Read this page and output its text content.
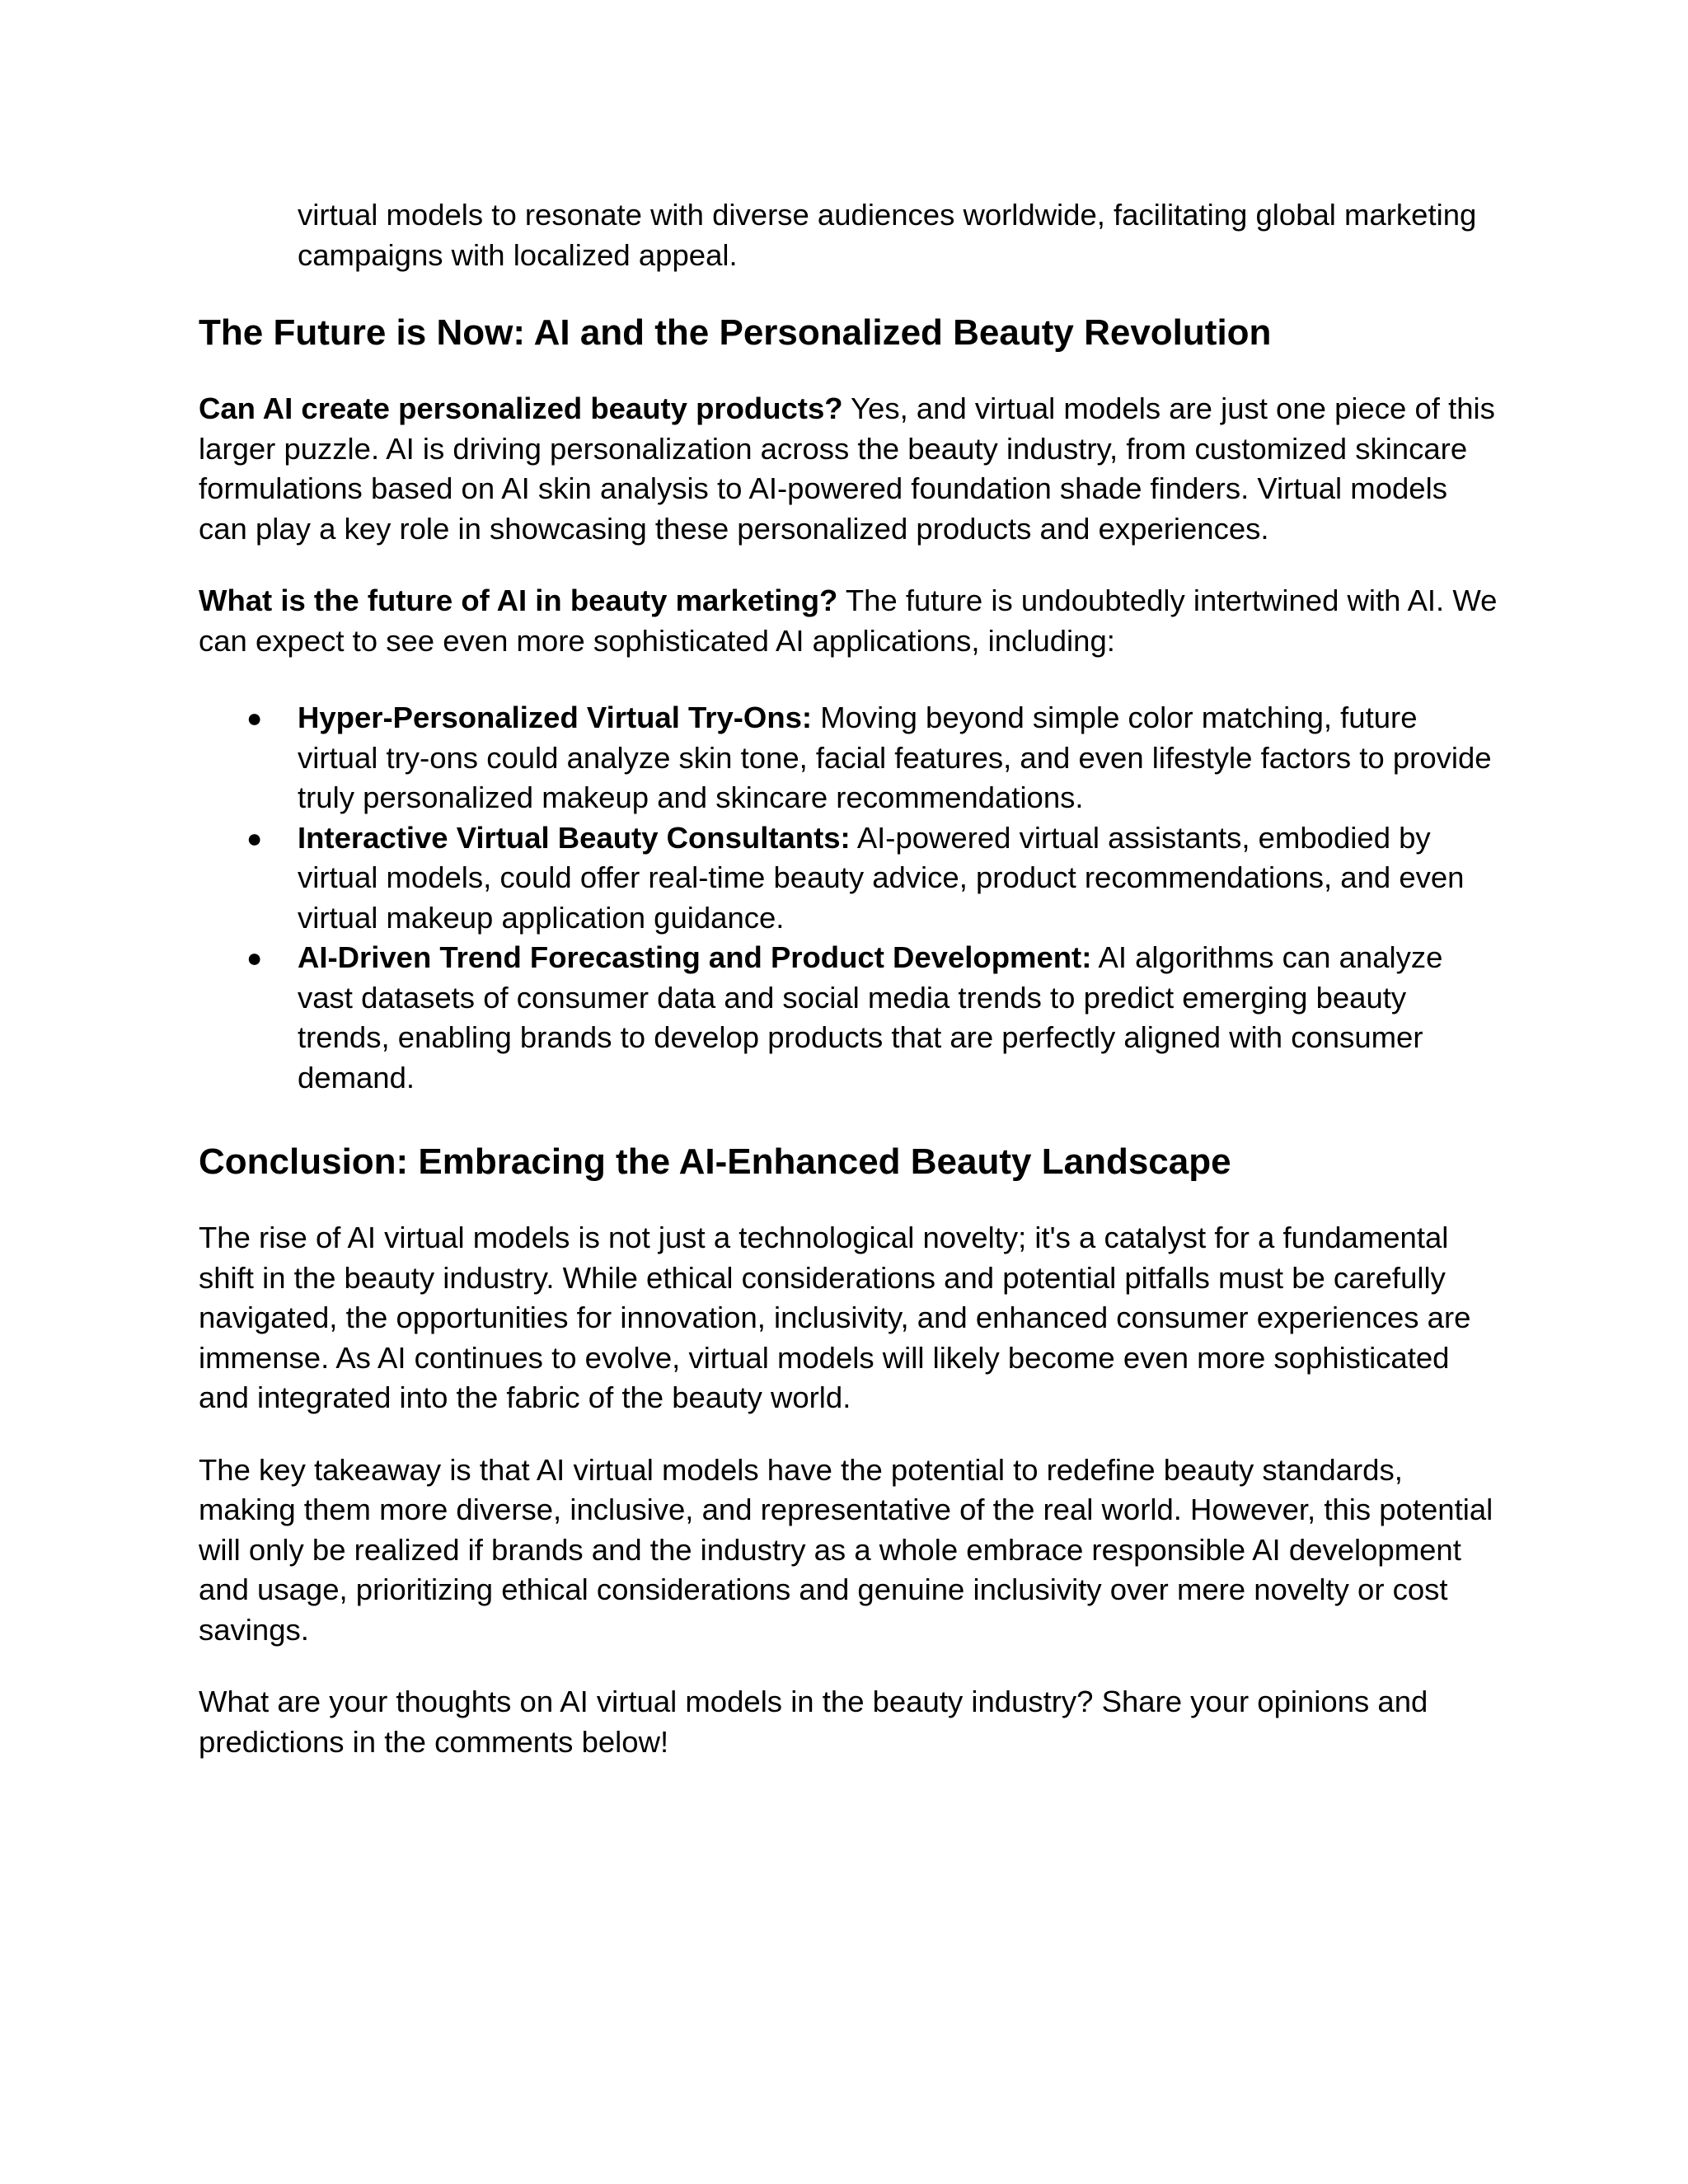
virtual models to resonate with diverse audiences worldwide, facilitating global marketing campaigns with localized appeal.

The Future is Now: AI and the Personalized Beauty Revolution

Can AI create personalized beauty products? Yes, and virtual models are just one piece of this larger puzzle. AI is driving personalization across the beauty industry, from customized skincare formulations based on AI skin analysis to AI-powered foundation shade finders. Virtual models can play a key role in showcasing these personalized products and experiences.

What is the future of AI in beauty marketing? The future is undoubtedly intertwined with AI. We can expect to see even more sophisticated AI applications, including:

● Hyper-Personalized Virtual Try-Ons: Moving beyond simple color matching, future virtual try-ons could analyze skin tone, facial features, and even lifestyle factors to provide truly personalized makeup and skincare recommendations.
● Interactive Virtual Beauty Consultants: AI-powered virtual assistants, embodied by virtual models, could offer real-time beauty advice, product recommendations, and even virtual makeup application guidance.
● AI-Driven Trend Forecasting and Product Development: AI algorithms can analyze vast datasets of consumer data and social media trends to predict emerging beauty trends, enabling brands to develop products that are perfectly aligned with consumer demand.
Conclusion: Embracing the AI-Enhanced Beauty Landscape

The rise of AI virtual models is not just a technological novelty; it's a catalyst for a fundamental shift in the beauty industry. While ethical considerations and potential pitfalls must be carefully navigated, the opportunities for innovation, inclusivity, and enhanced consumer experiences are immense. As AI continues to evolve, virtual models will likely become even more sophisticated and integrated into the fabric of the beauty world.

The key takeaway is that AI virtual models have the potential to redefine beauty standards, making them more diverse, inclusive, and representative of the real world. However, this potential will only be realized if brands and the industry as a whole embrace responsible AI development and usage, prioritizing ethical considerations and genuine inclusivity over mere novelty or cost savings.

What are your thoughts on AI virtual models in the beauty industry? Share your opinions and predictions in the comments below!
